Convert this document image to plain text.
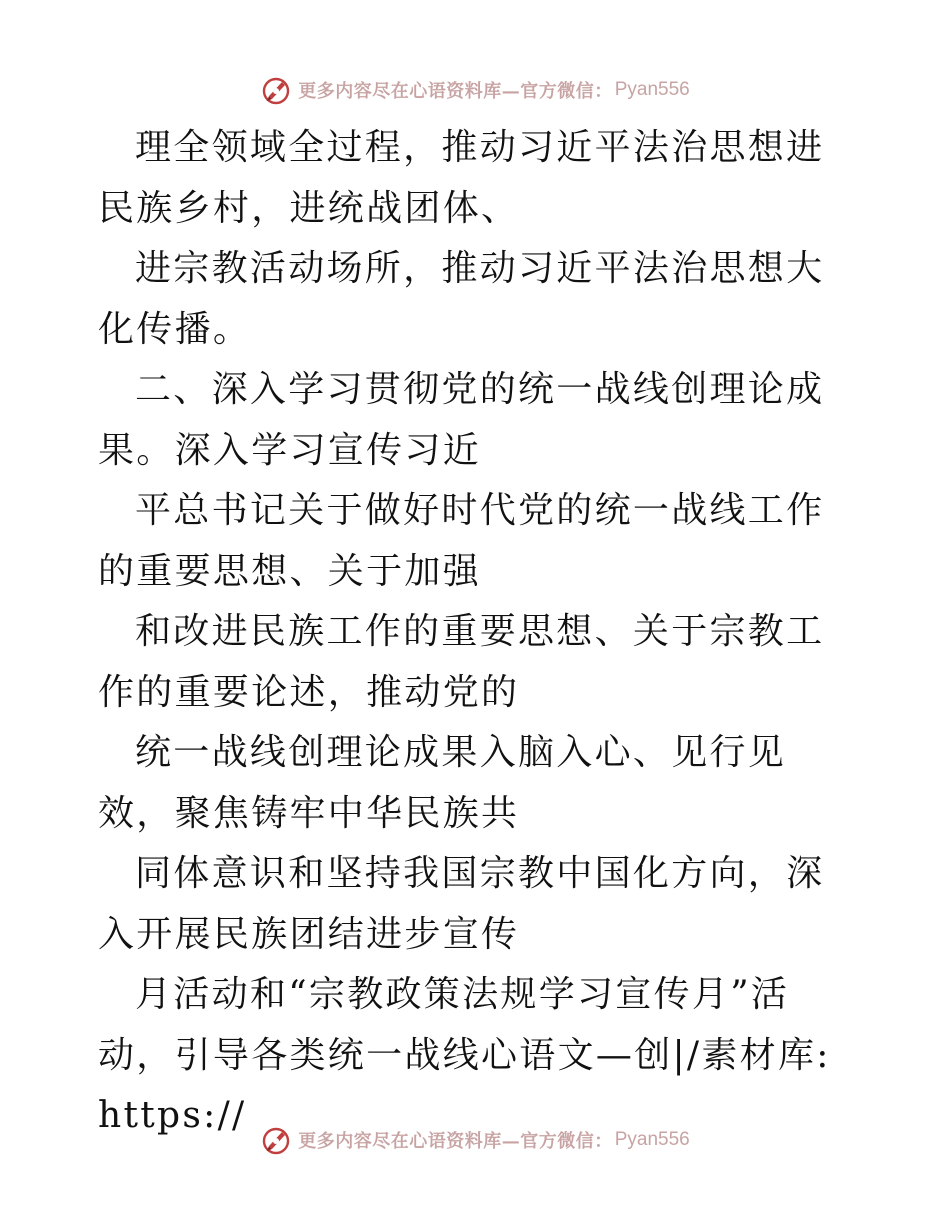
更多内容尽在心语资料库—官方微信： Pyan556

理全领域全过程，推动习近平法治思想进民族乡村，进统战团体、

进宗教活动场所，推动习近平法治思想大化传播。

二、深入学习贯彻党的统一战线创理论成果。深入学习宣传习近

平总书记关于做好时代党的统一战线工作的重要思想、关于加强

和改进民族工作的重要思想、关于宗教工作的重要论述，推动党的

统一战线创理论成果入脑入心、见行见效，聚焦铸牢中华民族共

同体意识和坚持我国宗教中国化方向，深入开展民族团结进步宣传

月活动和“宗教政策法规学习宣传月”活动，引导各类统一战线心语文—创|/素材库: https://

更多内容尽在心语资料库—官方微信： Pyan556
